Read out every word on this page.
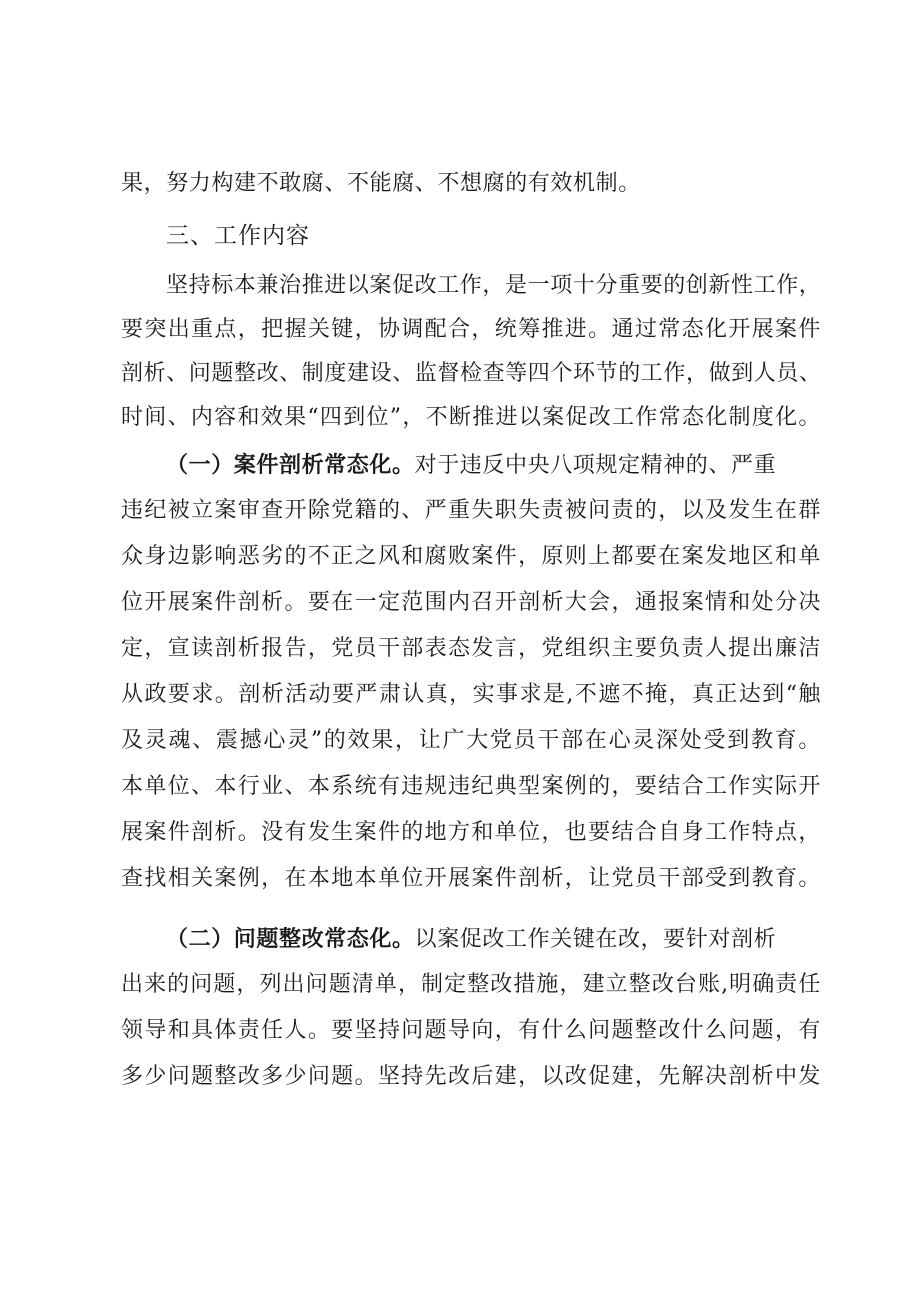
果，努力构建不敢腐、不能腐、不想腐的有效机制。
三、工作内容
坚持标本兼治推进以案促改工作，是一项十分重要的创新性工作，
要突出重点，把握关键，协调配合，统筹推进。通过常态化开展案件
剖析、问题整改、制度建设、监督检查等四个环节的工作，做到人员、
时间、内容和效果“四到位”，不断推进以案促改工作常态化制度化。
（一）案件剖析常态化。对于违反中央八项规定精神的、严重
违纪被立案审查开除党籍的、严重失职失责被问责的，以及发生在群
众身边影响恶劣的不正之风和腐败案件，原则上都要在案发地区和单
位开展案件剖析。要在一定范围内召开剖析大会，通报案情和处分决
定，宣读剖析报告，党员干部表态发言，党组织主要负责人提出廉洁
从政要求。剖析活动要严肃认真，实事求是,不遮不掩，真正达到“触
及灵魂、震撼心灵”的效果，让广大党员干部在心灵深处受到教育。
本单位、本行业、本系统有违规违纪典型案例的，要结合工作实际开
展案件剖析。没有发生案件的地方和单位，也要结合自身工作特点，
查找相关案例，在本地本单位开展案件剖析，让党员干部受到教育。
（二）问题整改常态化。以案促改工作关键在改，要针对剖析
出来的问题，列出问题清单，制定整改措施，建立整改台账,明确责任
领导和具体责任人。要坚持问题导向，有什么问题整改什么问题，有
多少问题整改多少问题。坚持先改后建，以改促建，先解决剖析中发
